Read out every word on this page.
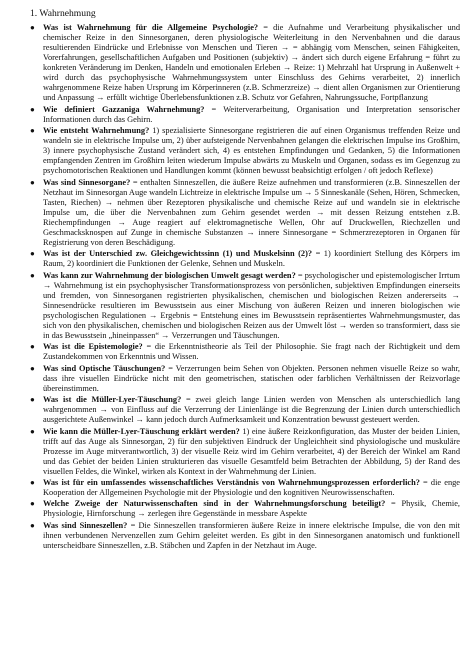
1. Wahrnehmung
● Was ist Wahrnehmung für die Allgemeine Psychologie? = die Aufnahme und Verarbeitung physikalischer und chemischer Reize in den Sinnesorganen, deren physiologische Weiterleitung in den Nervenbahnen und die daraus resultierenden Eindrücke und Erlebnisse von Menschen und Tieren → = abhängig vom Menschen, seinen Fähigkeiten, Vorerfahrungen, gesellschaftlichen Aufgaben und Positionen (subjektiv) → ändert sich durch eigene Erfahrung = führt zu konkreten Veränderung im Denken, Handeln und emotionalen Erleben → Reize: 1) Mehrzahl hat Ursprung in Außenwelt + wird durch das psychophysische Wahrnehmungssystem unter Einschluss des Gehirns verarbeitet, 2) innerlich wahrgenommene Reize haben Ursprung im Körperinneren (z.B. Schmerzreize) → dient allen Organismen zur Orientierung und Anpassung → erfüllt wichtige Überlebensfunktionen z.B. Schutz vor Gefahren, Nahrungssuche, Fortpflanzung
● Wie definiert Gazzaniga Wahrnehmung? = Weiterverarbeitung, Organisation und Interpretation sensorischer Informationen durch das Gehirn.
● Wie entsteht Wahrnehmung? 1) spezialisierte Sinnesorgane registrieren die auf einen Organismus treffenden Reize und wandeln sie in elektrische Impulse um, 2) über aufsteigende Nervenbahnen gelangen die elektrischen Impulse ins Großhirn, 3) innere psychophysische Zustand verändert sich, 4) es entstehen Empfindungen und Gedanken, 5) die Informationen empfangenden Zentren im Großhirn leiten wiederum Impulse abwärts zu Muskeln und Organen, sodass es im Gegenzug zu psychomotorischen Reaktionen und Handlungen kommt (können bewusst beabsichtigt erfolgen / oft jedoch Reflexe)
● Was sind Sinnesorgane? = enthalten Sinneszellen, die äußere Reize aufnehmen und transformieren (z.B. Sinneszellen der Netzhaut im Sinnesorgan Auge wandeln Lichtreize in elektrische Impulse um → 5 Sinneskanäle (Sehen, Hören, Schmecken, Tasten, Riechen) → nehmen über Rezeptoren physikalische und chemische Reize auf und wandeln sie in elektrische Impulse um, die über die Nervenbahnen zum Gehirn gesendet werden → mit dessen Reizung entstehen z.B. Riechempfindungen → Auge reagiert auf elektromagnetische Wellen, Ohr auf Druckwellen, Riechzellen und Geschmacksknospen auf Zunge in chemische Substanzen → innere Sinnesorgane = Schmerzrezeptoren in Organen für Registrierung von deren Beschädigung.
● Was ist der Unterschied zw. Gleichgewichtssinn (1) und Muskelsinn (2)? = 1) koordiniert Stellung des Körpers im Raum, 2) koordiniert die Funktionen der Gelenke, Sehnen und Muskeln.
● Was kann zur Wahrnehmung der biologischen Umwelt gesagt werden? = psychologischer und epistemologischer Irrtum → Wahrnehmung ist ein psychophysischer Transformationsprozess von persönlichen, subjektiven Empfindungen einerseits und fremden, von Sinnesorganen registrierten physikalischen, chemischen und biologischen Reizen andererseits → Sinnesendrücke resultieren im Bewusstsein aus einer Mischung von äußeren Reizen und inneren biologischen wie psychologischen Regulationen → Ergebnis = Entstehung eines im Bewusstsein repräsentiertes Wahrnehmungsmuster, das sich von den physikalischen, chemischen und biologischen Reizen aus der Umwelt löst → werden so transformiert, dass sie in das Bewusstsein „hineinpassen“ → Verzerrungen und Täuschungen.
● Was ist die Epistemologie? = die Erkenntnistheorie als Teil der Philosophie. Sie fragt nach der Richtigkeit und dem Zustandekommen von Erkenntnis und Wissen.
● Was sind Optische Täuschungen? = Verzerrungen beim Sehen von Objekten. Personen nehmen visuelle Reize so wahr, dass ihre visuellen Eindrücke nicht mit den geometrischen, statischen oder farblichen Verhältnissen der Reizvorlage übereinstimmen.
● Was ist die Müller-Lyer-Täuschung? = zwei gleich lange Linien werden von Menschen als unterschiedlich lang wahrgenommen → von Einfluss auf die Verzerrung der Linienlänge ist die Begrenzung der Linien durch unterschiedlich ausgerichtete Außenwinkel → kann jedoch durch Aufmerksamkeit und Konzentration bewusst gesteuert werden.
● Wie kann die Müller-Lyer-Täuschung erklärt werden? 1) eine äußere Reizkonfiguration, das Muster der beiden Linien, trifft auf das Auge als Sinnesorgan, 2) für den subjektiven Eindruck der Ungleichheit sind physiologische und muskuläre Prozesse im Auge mitverantwortlich, 3) der visuelle Reiz wird im Gehirn verarbeitet, 4) der Bereich der Winkel am Rand und das Gebiet der beiden Linien strukturieren das visuelle Gesamtfeld beim Betrachten der Abbildung, 5) der Rand des visuellen Feldes, die Winkel, wirken als Kontext in der Wahrnehmung der Linien.
● Was ist für ein umfassendes wissenschaftliches Verständnis von Wahrnehmungsprozessen erforderlich? = die enge Kooperation der Allgemeinen Psychologie mit der Physiologie und den kognitiven Neurowissenschaften.
● Welche Zweige der Naturwissenschaften sind in der Wahrnehmungsforschung beteiligt? = Physik, Chemie, Physiologie, Hirnforschung → zerlegen ihre Gegenstände in messbare Aspekte
● Was sind Sinneszellen? = Die Sinneszellen transformieren äußere Reize in innere elektrische Impulse, die von den mit ihnen verbundenen Nervenzellen zum Gehirn geleitet werden. Es gibt in den Sinnesorganen anatomisch und funktionell unterscheidbare Sinneszellen, z.B. Stäbchen und Zapfen in der Netzhaut im Auge.
